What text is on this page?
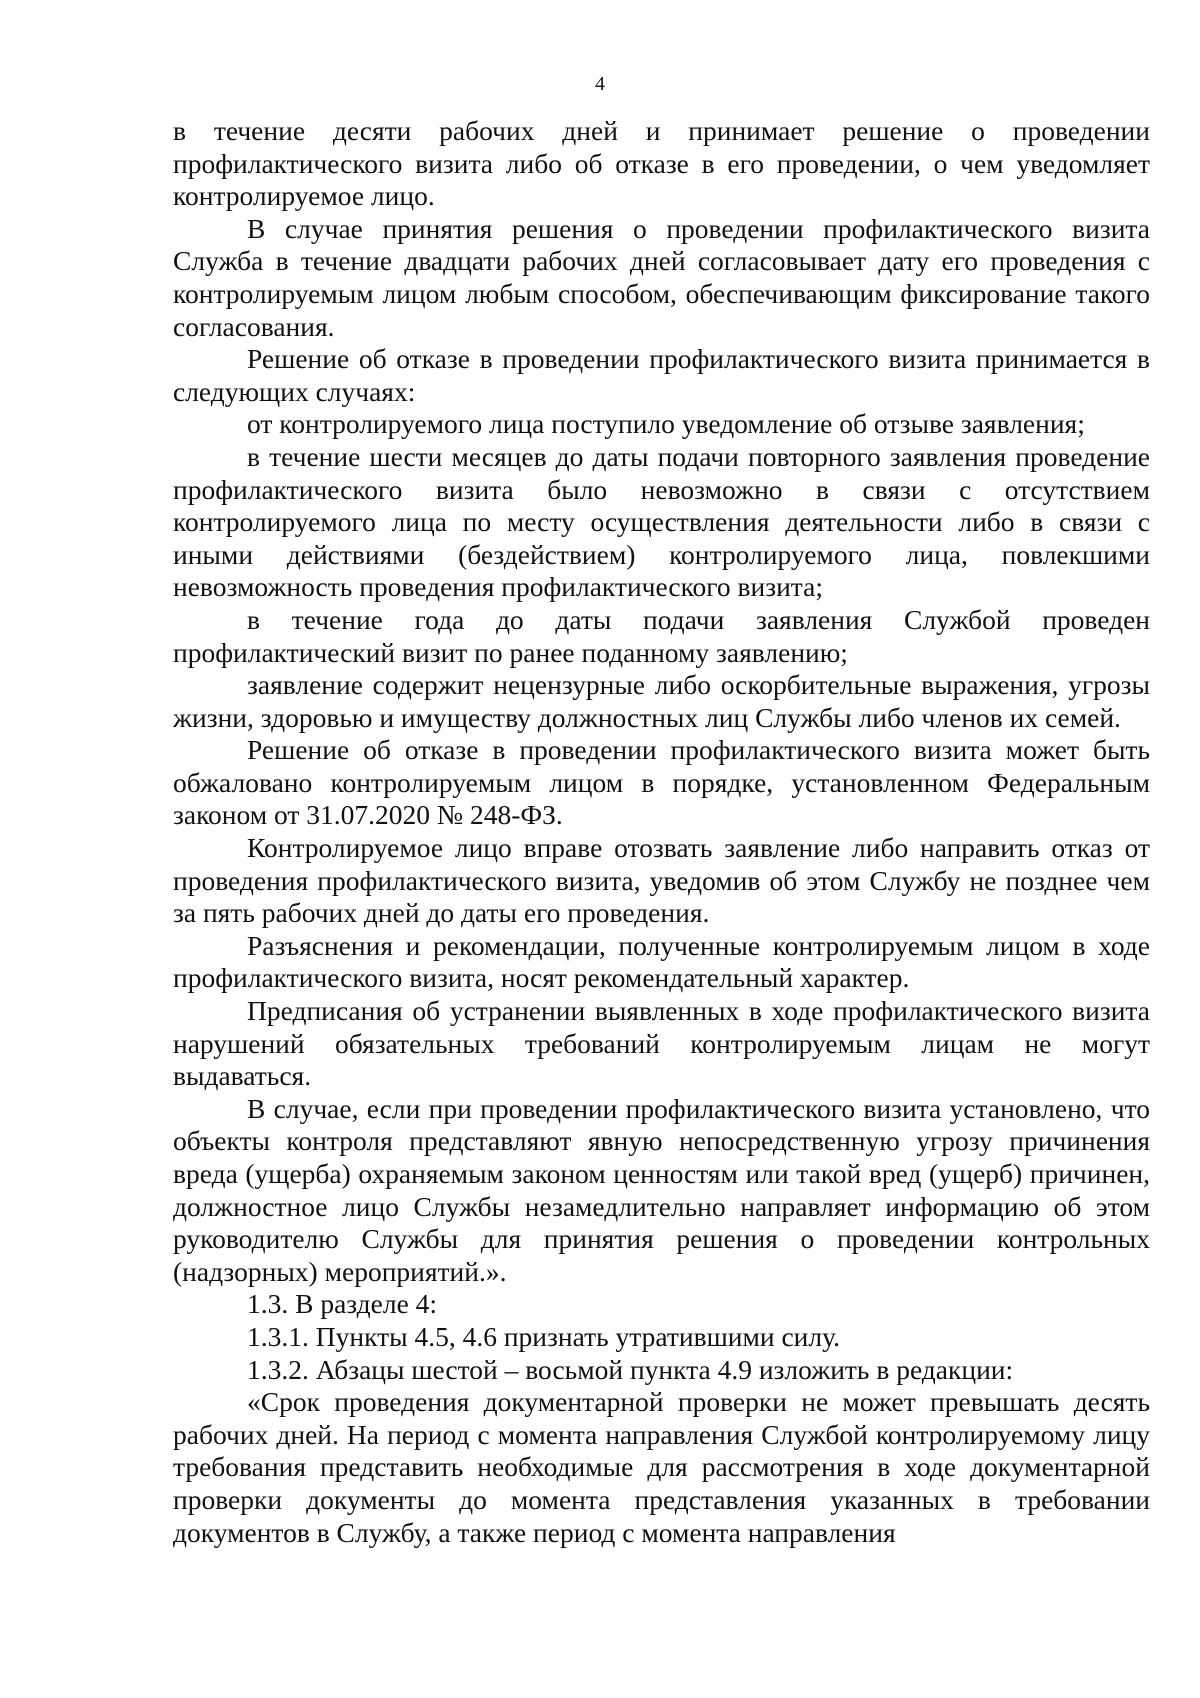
4

в течение десяти рабочих дней и принимает решение о проведении профилактического визита либо об отказе в его проведении, о чем уведомляет контролируемое лицо.

В случае принятия решения о проведении профилактического визита Служба в течение двадцати рабочих дней согласовывает дату его проведения с контролируемым лицом любым способом, обеспечивающим фиксирование такого согласования.

Решение об отказе в проведении профилактического визита принимается в следующих случаях:

от контролируемого лица поступило уведомление об отзыве заявления;

в течение шести месяцев до даты подачи повторного заявления проведение профилактического визита было невозможно в связи с отсутствием контролируемого лица по месту осуществления деятельности либо в связи с иными действиями (бездействием) контролируемого лица, повлекшими невозможность проведения профилактического визита;

в течение года до даты подачи заявления Службой проведен профилактический визит по ранее поданному заявлению;

заявление содержит нецензурные либо оскорбительные выражения, угрозы жизни, здоровью и имуществу должностных лиц Службы либо членов их семей.

Решение об отказе в проведении профилактического визита может быть обжаловано контролируемым лицом в порядке, установленном Федеральным законом от 31.07.2020 № 248-ФЗ.

Контролируемое лицо вправе отозвать заявление либо направить отказ от проведения профилактического визита, уведомив об этом Службу не позднее чем за пять рабочих дней до даты его проведения.

Разъяснения и рекомендации, полученные контролируемым лицом в ходе профилактического визита, носят рекомендательный характер.

Предписания об устранении выявленных в ходе профилактического визита нарушений обязательных требований контролируемым лицам не могут выдаваться.

В случае, если при проведении профилактического визита установлено, что объекты контроля представляют явную непосредственную угрозу причинения вреда (ущерба) охраняемым законом ценностям или такой вред (ущерб) причинен, должностное лицо Службы незамедлительно направляет информацию об этом руководителю Службы для принятия решения о проведении контрольных (надзорных) мероприятий.».

1.3. В разделе 4:

1.3.1. Пункты 4.5, 4.6 признать утратившими силу.

1.3.2. Абзацы шестой – восьмой пункта 4.9 изложить в редакции:

«Срок проведения документарной проверки не может превышать десять рабочих дней. На период с момента направления Службой контролируемому лицу требования представить необходимые для рассмотрения в ходе документарной проверки документы до момента представления указанных в требовании документов в Службу, а также период с момента направления
